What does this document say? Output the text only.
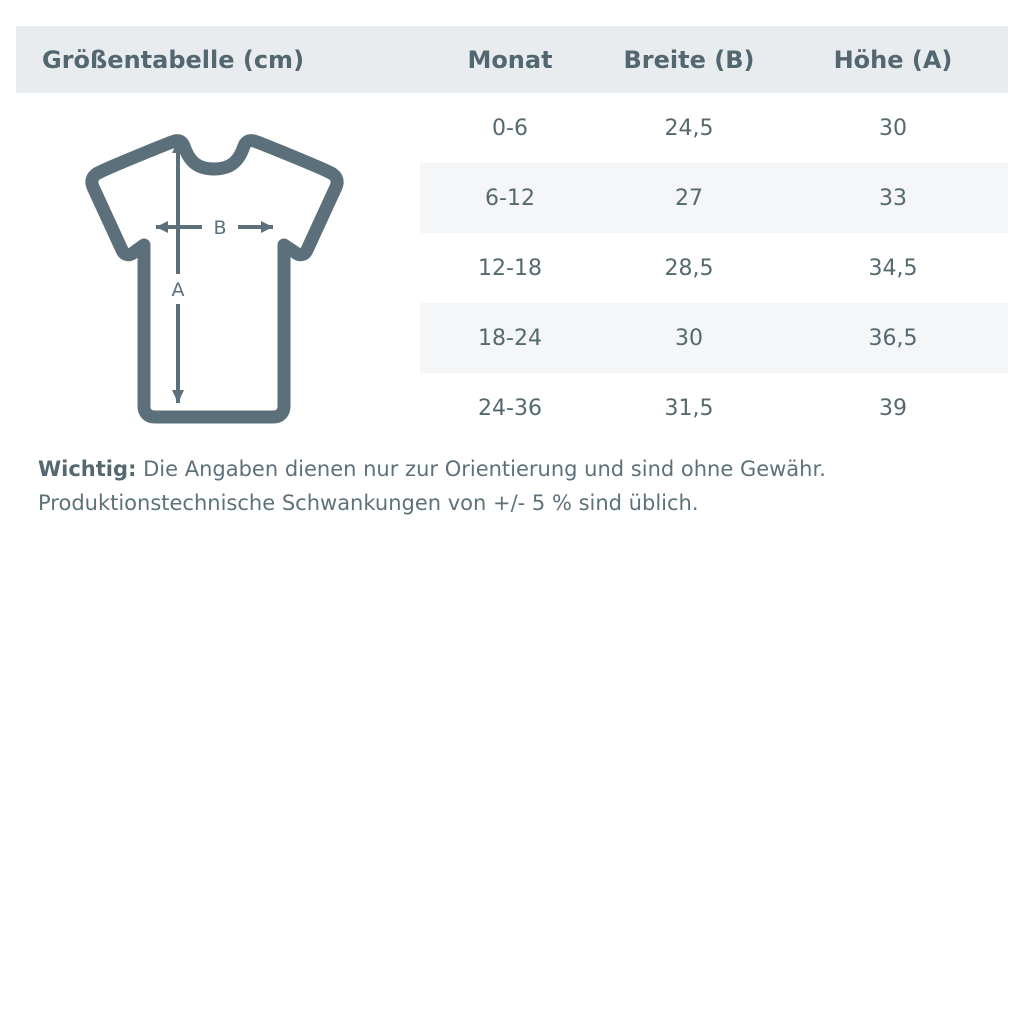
Größentabelle (cm)	Monat	Breite (B)	Höhe (A)
	0-6	24,5	30
	6-12	27	33
	12-18	28,5	34,5
	18-24	30	36,5
	24-36	31,5	39
B
A
Wichtig: Die Angaben dienen nur zur Orientierung und sind ohne Gewähr.
Produktionstechnische Schwankungen von +/- 5 % sind üblich.
